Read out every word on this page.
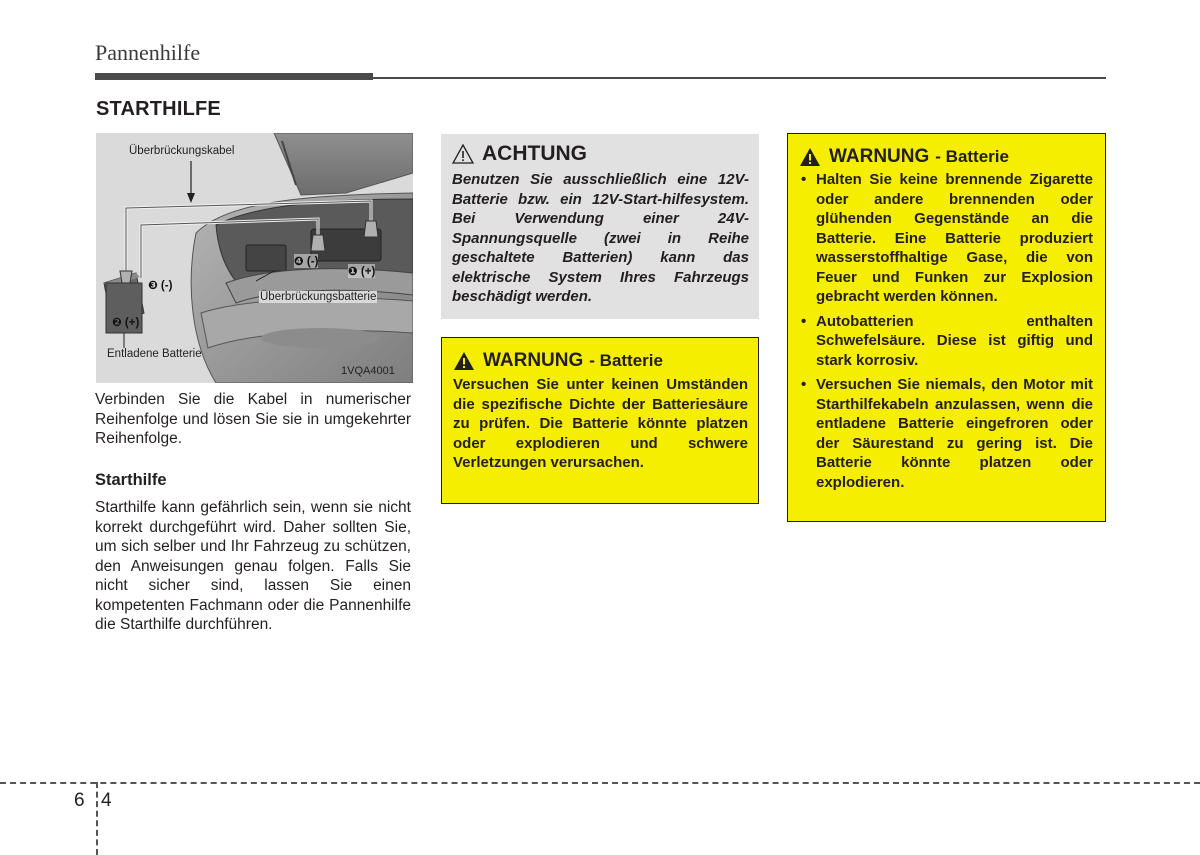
Pannenhilfe
STARTHILFE
Überbrückungskabel
❹ (-)
❶ (+)
❸ (-)
Überbrückungsbatterie
❷ (+)
Entladene Batterie
1VQA4001
Verbinden Sie die Kabel in numerischer Reihenfolge und lösen Sie sie in umgekehrter Reihenfolge.
Starthilfe
Starthilfe kann gefährlich sein, wenn sie nicht korrekt durchgeführt wird. Daher sollten Sie, um sich selber und Ihr Fahrzeug zu schützen, den Anweisungen genau folgen. Falls Sie nicht sicher sind, lassen Sie einen kompetenten Fachmann oder die Pannenhilfe die Starthilfe durchführen.
ACHTUNG
Benutzen Sie ausschließlich eine 12V-Batterie bzw. ein 12V-Start-hilfesystem. Bei Verwendung einer 24V-Spannungsquelle (zwei in Reihe geschaltete Batterien) kann das elektrische System Ihres Fahrzeugs beschädigt werden.
WARNUNG - Batterie
Versuchen Sie unter keinen Umständen die spezifische Dichte der Batteriesäure zu prüfen. Die Batterie könnte platzen oder explodieren und schwere Verletzungen verursachen.
WARNUNG - Batterie
• Halten Sie keine brennende Zigarette oder andere brennenden oder glühenden Gegenstände an die Batterie. Eine Batterie produziert wasserstoffhaltige Gase, die von Feuer und Funken zur Explosion gebracht werden können.
• Autobatterien enthalten Schwefelsäure. Diese ist giftig und stark korrosiv.
• Versuchen Sie niemals, den Motor mit Starthilfekabeln anzulassen, wenn die entladene Batterie eingefroren oder der Säurestand zu gering ist. Die Batterie könnte platzen oder explodieren.
6 4
